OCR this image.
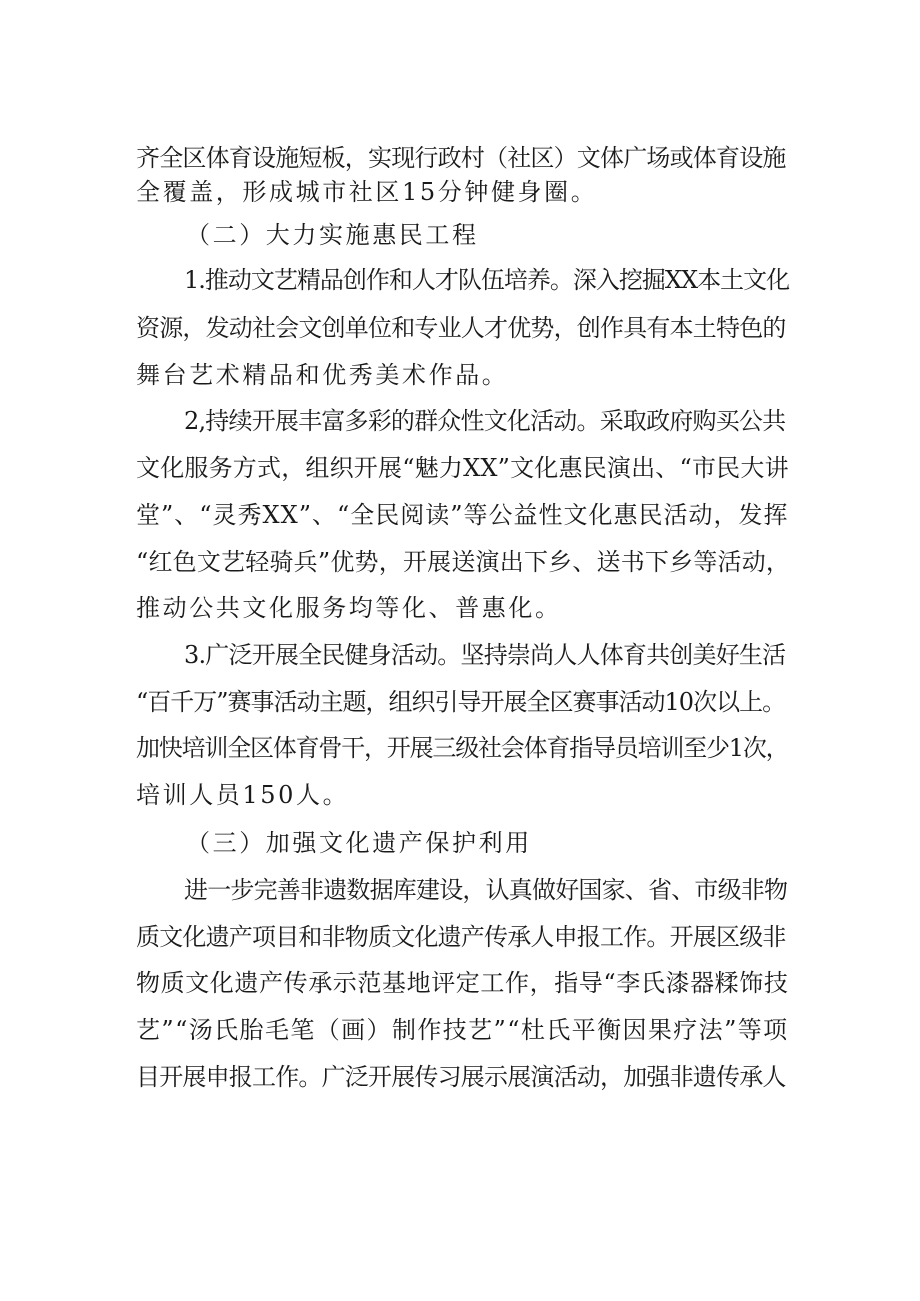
齐全区体育设施短板，实现行政村（社区）文体广场或体育设施
全覆盖，形成城市社区15分钟健身圈。
（二）大力实施惠民工程
1.推动文艺精品创作和人才队伍培养。深入挖掘XX本土文化
资源，发动社会文创单位和专业人才优势，创作具有本土特色的
舞台艺术精品和优秀美术作品。
2,持续开展丰富多彩的群众性文化活动。采取政府购买公共
文化服务方式，组织开展“魅力XX”文化惠民演出、“市民大讲
堂”、“灵秀XX”、“全民阅读”等公益性文化惠民活动，发挥
“红色文艺轻骑兵”优势，开展送演出下乡、送书下乡等活动，
推动公共文化服务均等化、普惠化。
3.广泛开展全民健身活动。坚持崇尚人人体育共创美好生活
“百千万”赛事活动主题，组织引导开展全区赛事活动10次以上。
加快培训全区体育骨干，开展三级社会体育指导员培训至少1次，
培训人员150人。
（三）加强文化遗产保护利用
进一步完善非遗数据库建设，认真做好国家、省、市级非物
质文化遗产项目和非物质文化遗产传承人申报工作。开展区级非
物质文化遗产传承示范基地评定工作，指导“李氏漆器糅饰技
艺”“汤氏胎毛笔（画）制作技艺”“杜氏平衡因果疗法”等项
目开展申报工作。广泛开展传习展示展演活动，加强非遗传承人
